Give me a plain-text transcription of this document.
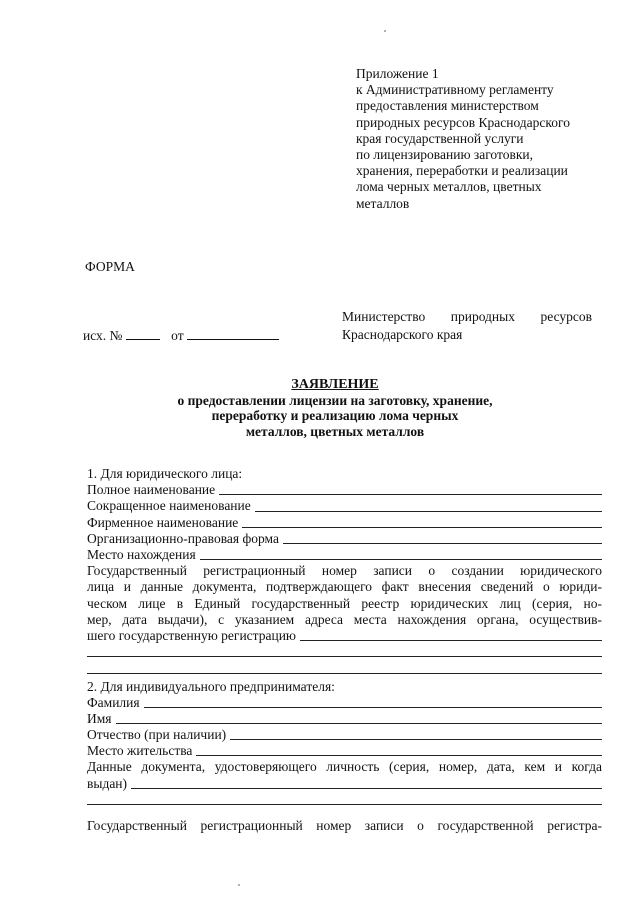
Приложение 1
к Административному регламенту
предоставления министерством
природных ресурсов Краснодарского
края государственной услуги
по лицензированию заготовки,
хранения, переработки и реализации
лома черных металлов, цветных
металлов
ФОРМА
Министерство природных ресурсов
Краснодарского края
исх. №	от
ЗАЯВЛЕНИЕ
о предоставлении лицензии на заготовку, хранение,
переработку и реализацию лома черных
металлов, цветных металлов
1. Для юридического лица:
Полное наименование
Сокращенное наименование
Фирменное наименование
Организационно-правовая форма
Место нахождения
Государственный регистрационный номер записи о создании юридического
лица и данные документа, подтверждающего факт внесения сведений о юриди-
ческом лице в Единый государственный реестр юридических лиц (серия, но-
мер, дата выдачи), с указанием адреса места нахождения органа, осуществив-
шего государственную регистрацию
2. Для индивидуального предпринимателя:
Фамилия
Имя
Отчество (при наличии)
Место жительства
Данные документа, удостоверяющего личность (серия, номер, дата, кем и когда
выдан)
Государственный регистрационный номер записи о государственной регистра-
